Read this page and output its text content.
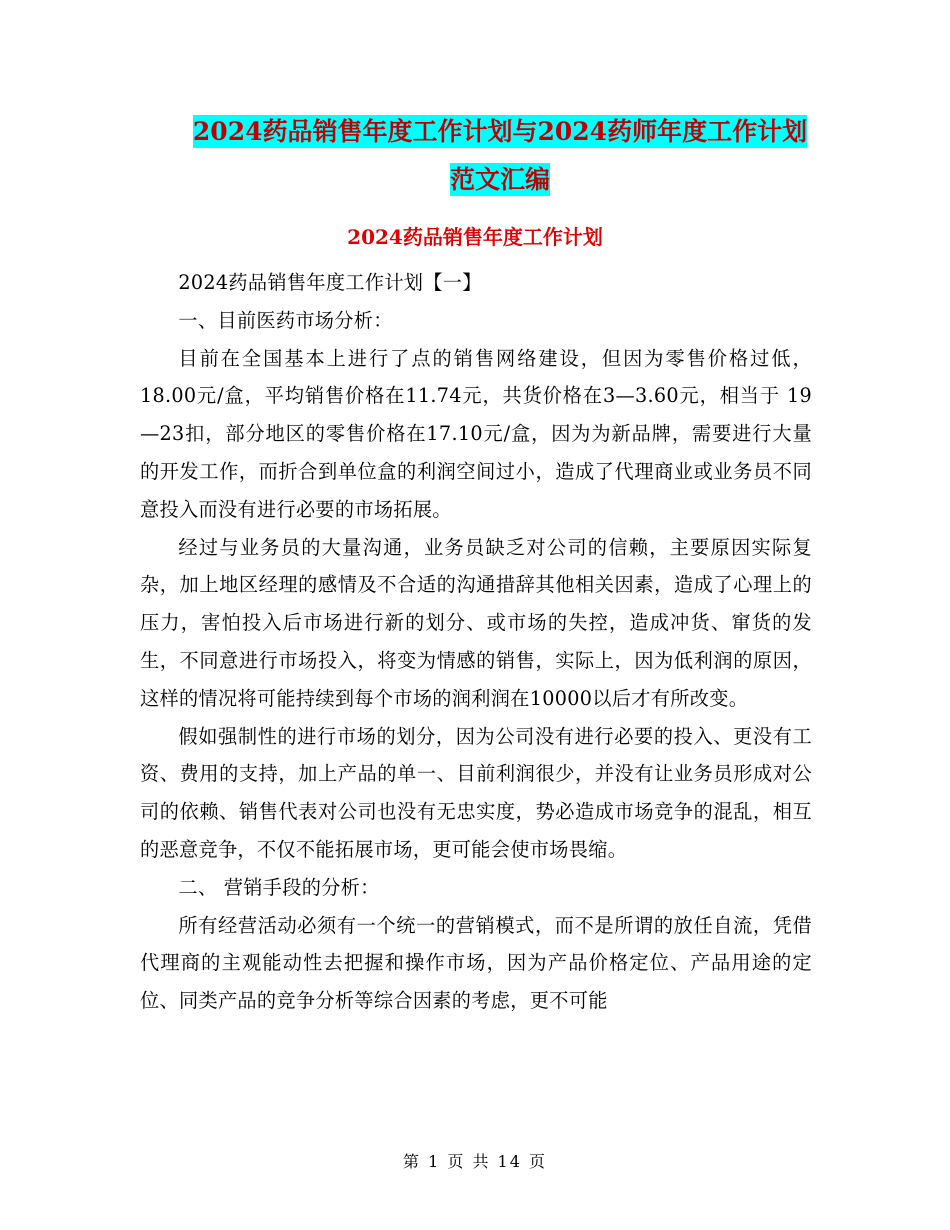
2024药品销售年度工作计划与2024药师年度工作计划
范文汇编
2024药品销售年度工作计划

2024药品销售年度工作计划【一】

一、目前医药市场分析：

目前在全国基本上进行了点的销售网络建设，但因为零售价格过低，18.00元/盒，平均销售价格在11.74元，共货价格在3—3.60元，相当于 19—23扣，部分地区的零售价格在17.10元/盒，因为为新品牌，需要进行大量的开发工作，而折合到单位盒的利润空间过小，造成了代理商业或业务员不同意投入而没有进行必要的市场拓展。

经过与业务员的大量沟通，业务员缺乏对公司的信赖，主要原因实际复杂，加上地区经理的感情及不合适的沟通措辞其他相关因素，造成了心理上的压力，害怕投入后市场进行新的划分、或市场的失控，造成冲货、窜货的发生，不同意进行市场投入，将变为情感的销售，实际上，因为低利润的原因，这样的情况将可能持续到每个市场的润利润在10000以后才有所改变。

假如强制性的进行市场的划分，因为公司没有进行必要的投入、更没有工资、费用的支持，加上产品的单一、目前利润很少，并没有让业务员形成对公司的依赖、销售代表对公司也没有无忠实度，势必造成市场竞争的混乱，相互的恶意竞争，不仅不能拓展市场，更可能会使市场畏缩。

二、 营销手段的分析：

所有经营活动必须有一个统一的营销模式，而不是所谓的放任自流，凭借代理商的主观能动性去把握和操作市场，因为产品价格定位、产品用途的定位、同类产品的竞争分析等综合因素的考虑，更不可能

第 1 页 共 14 页
